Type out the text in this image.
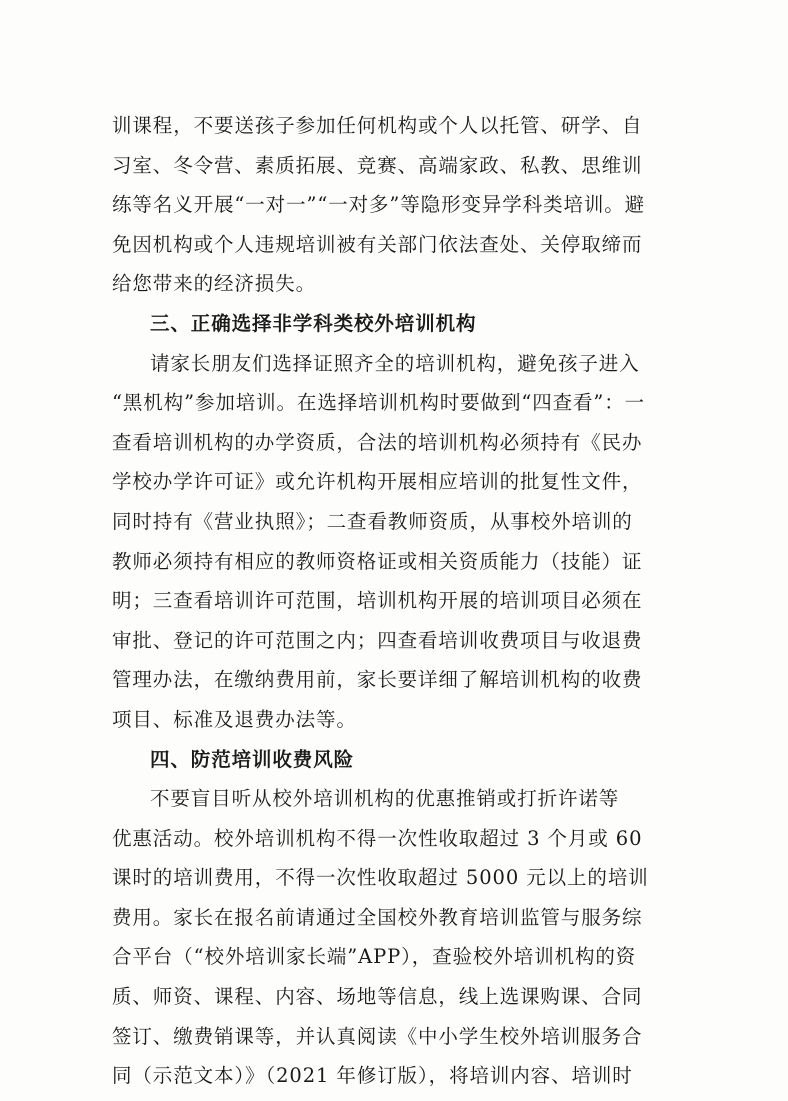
训课程，不要送孩子参加任何机构或个人以托管、研学、自
习室、冬令营、素质拓展、竞赛、高端家政、私教、思维训
练等名义开展“一对一”“一对多”等隐形变异学科类培训。避
免因机构或个人违规培训被有关部门依法查处、关停取缔而
给您带来的经济损失。
三、正确选择非学科类校外培训机构
请家长朋友们选择证照齐全的培训机构，避免孩子进入
“黑机构”参加培训。在选择培训机构时要做到“四查看”：一
查看培训机构的办学资质，合法的培训机构必须持有《民办
学校办学许可证》或允许机构开展相应培训的批复性文件，
同时持有《营业执照》；二查看教师资质，从事校外培训的
教师必须持有相应的教师资格证或相关资质能力（技能）证
明；三查看培训许可范围，培训机构开展的培训项目必须在
审批、登记的许可范围之内；四查看培训收费项目与收退费
管理办法，在缴纳费用前，家长要详细了解培训机构的收费
项目、标准及退费办法等。
四、防范培训收费风险
不要盲目听从校外培训机构的优惠推销或打折许诺等
优惠活动。校外培训机构不得一次性收取超过 3 个月或 60
课时的培训费用，不得一次性收取超过 5000 元以上的培训
费用。家长在报名前请通过全国校外教育培训监管与服务综
合平台（“校外培训家长端”APP），查验校外培训机构的资
质、师资、课程、内容、场地等信息，线上选课购课、合同
签订、缴费销课等，并认真阅读《中小学生校外培训服务合
同（示范文本）》（2021 年修订版），将培训内容、培训时
